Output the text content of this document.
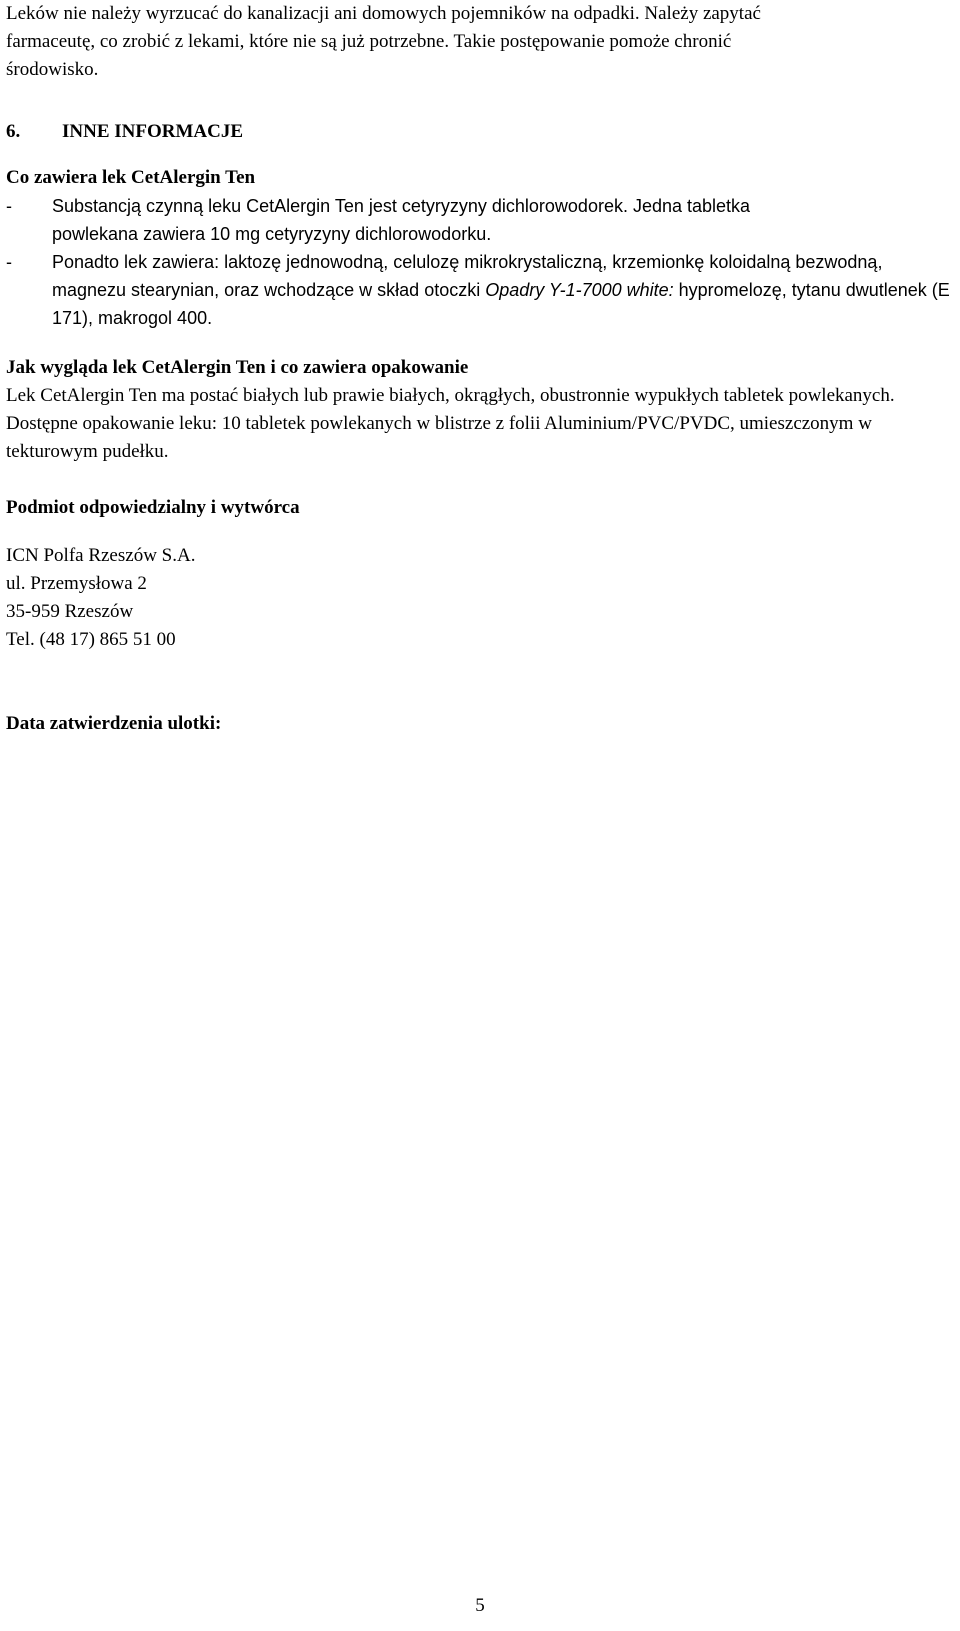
Leków nie należy wyrzucać do kanalizacji ani domowych pojemników na odpadki. Należy zapytać

farmaceutę, co zrobić z lekami, które nie są już potrzebne. Takie postępowanie pomoże chronić

środowisko.

6.	INNE INFORMACJE

Co zawiera lek CetAlergin Ten

-	Substancją czynną leku CetAlergin Ten jest cetyryzyny dichlorowodorek. Jedna tabletka

powlekana zawiera 10 mg cetyryzyny dichlorowodorku.

-	Ponadto lek zawiera: laktozę jednowodną, celulozę mikrokrystaliczną, krzemionkę koloidalną bezwodną, magnezu stearynian, oraz wchodzące w skład otoczki Opadry Y-1-7000 white: hypromelozę, tytanu dwutlenek (E 171), makrogol 400.

Jak wygląda lek CetAlergin Ten i co zawiera opakowanie

Lek CetAlergin Ten ma postać białych lub prawie białych, okrągłych, obustronnie wypukłych tabletek powlekanych.

Dostępne opakowanie leku: 10 tabletek powlekanych w blistrze z folii Aluminium/PVC/PVDC, umieszczonym w tekturowym pudełku.

Podmiot odpowiedzialny i wytwórca

ICN Polfa Rzeszów S.A.

ul. Przemysłowa 2

35-959 Rzeszów

Tel. (48 17) 865 51 00

Data zatwierdzenia ulotki:

5
